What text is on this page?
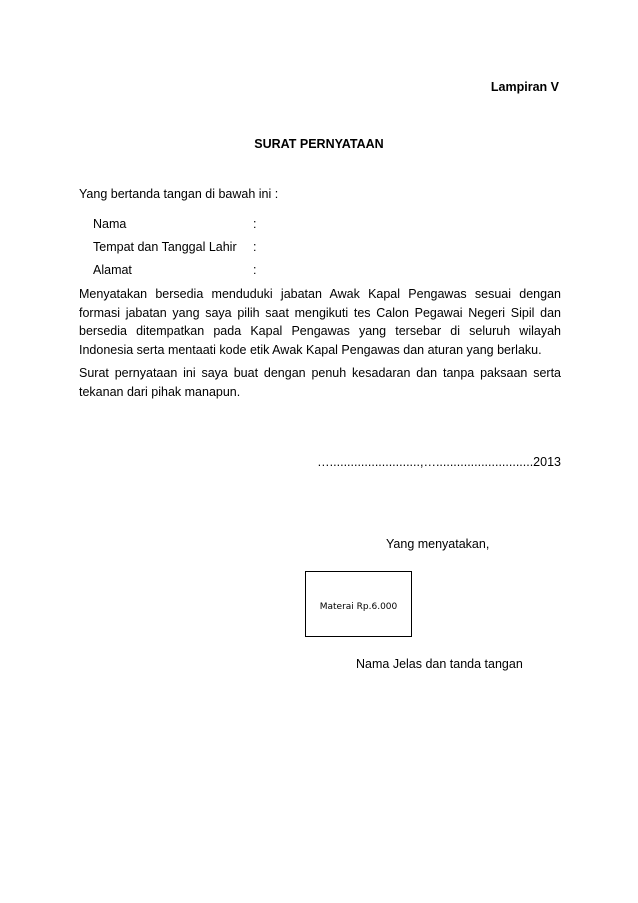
Lampiran V
SURAT PERNYATAAN
Yang bertanda tangan di bawah ini :
Nama	:
Tempat dan Tanggal Lahir	:
Alamat	:

Menyatakan bersedia menduduki jabatan Awak Kapal Pengawas sesuai dengan formasi jabatan yang saya pilih saat mengikuti tes Calon Pegawai Negeri Sipil dan bersedia ditempatkan pada Kapal Pengawas yang tersebar di seluruh wilayah Indonesia serta mentaati kode etik Awak Kapal Pengawas dan aturan yang berlaku.

Surat pernyataan ini saya buat dengan penuh kesadaran dan tanpa paksaan serta tekanan dari pihak manapun.

…..........................,…............................2013
Yang menyatakan,
Materai Rp.6.000
Nama Jelas dan tanda tangan
